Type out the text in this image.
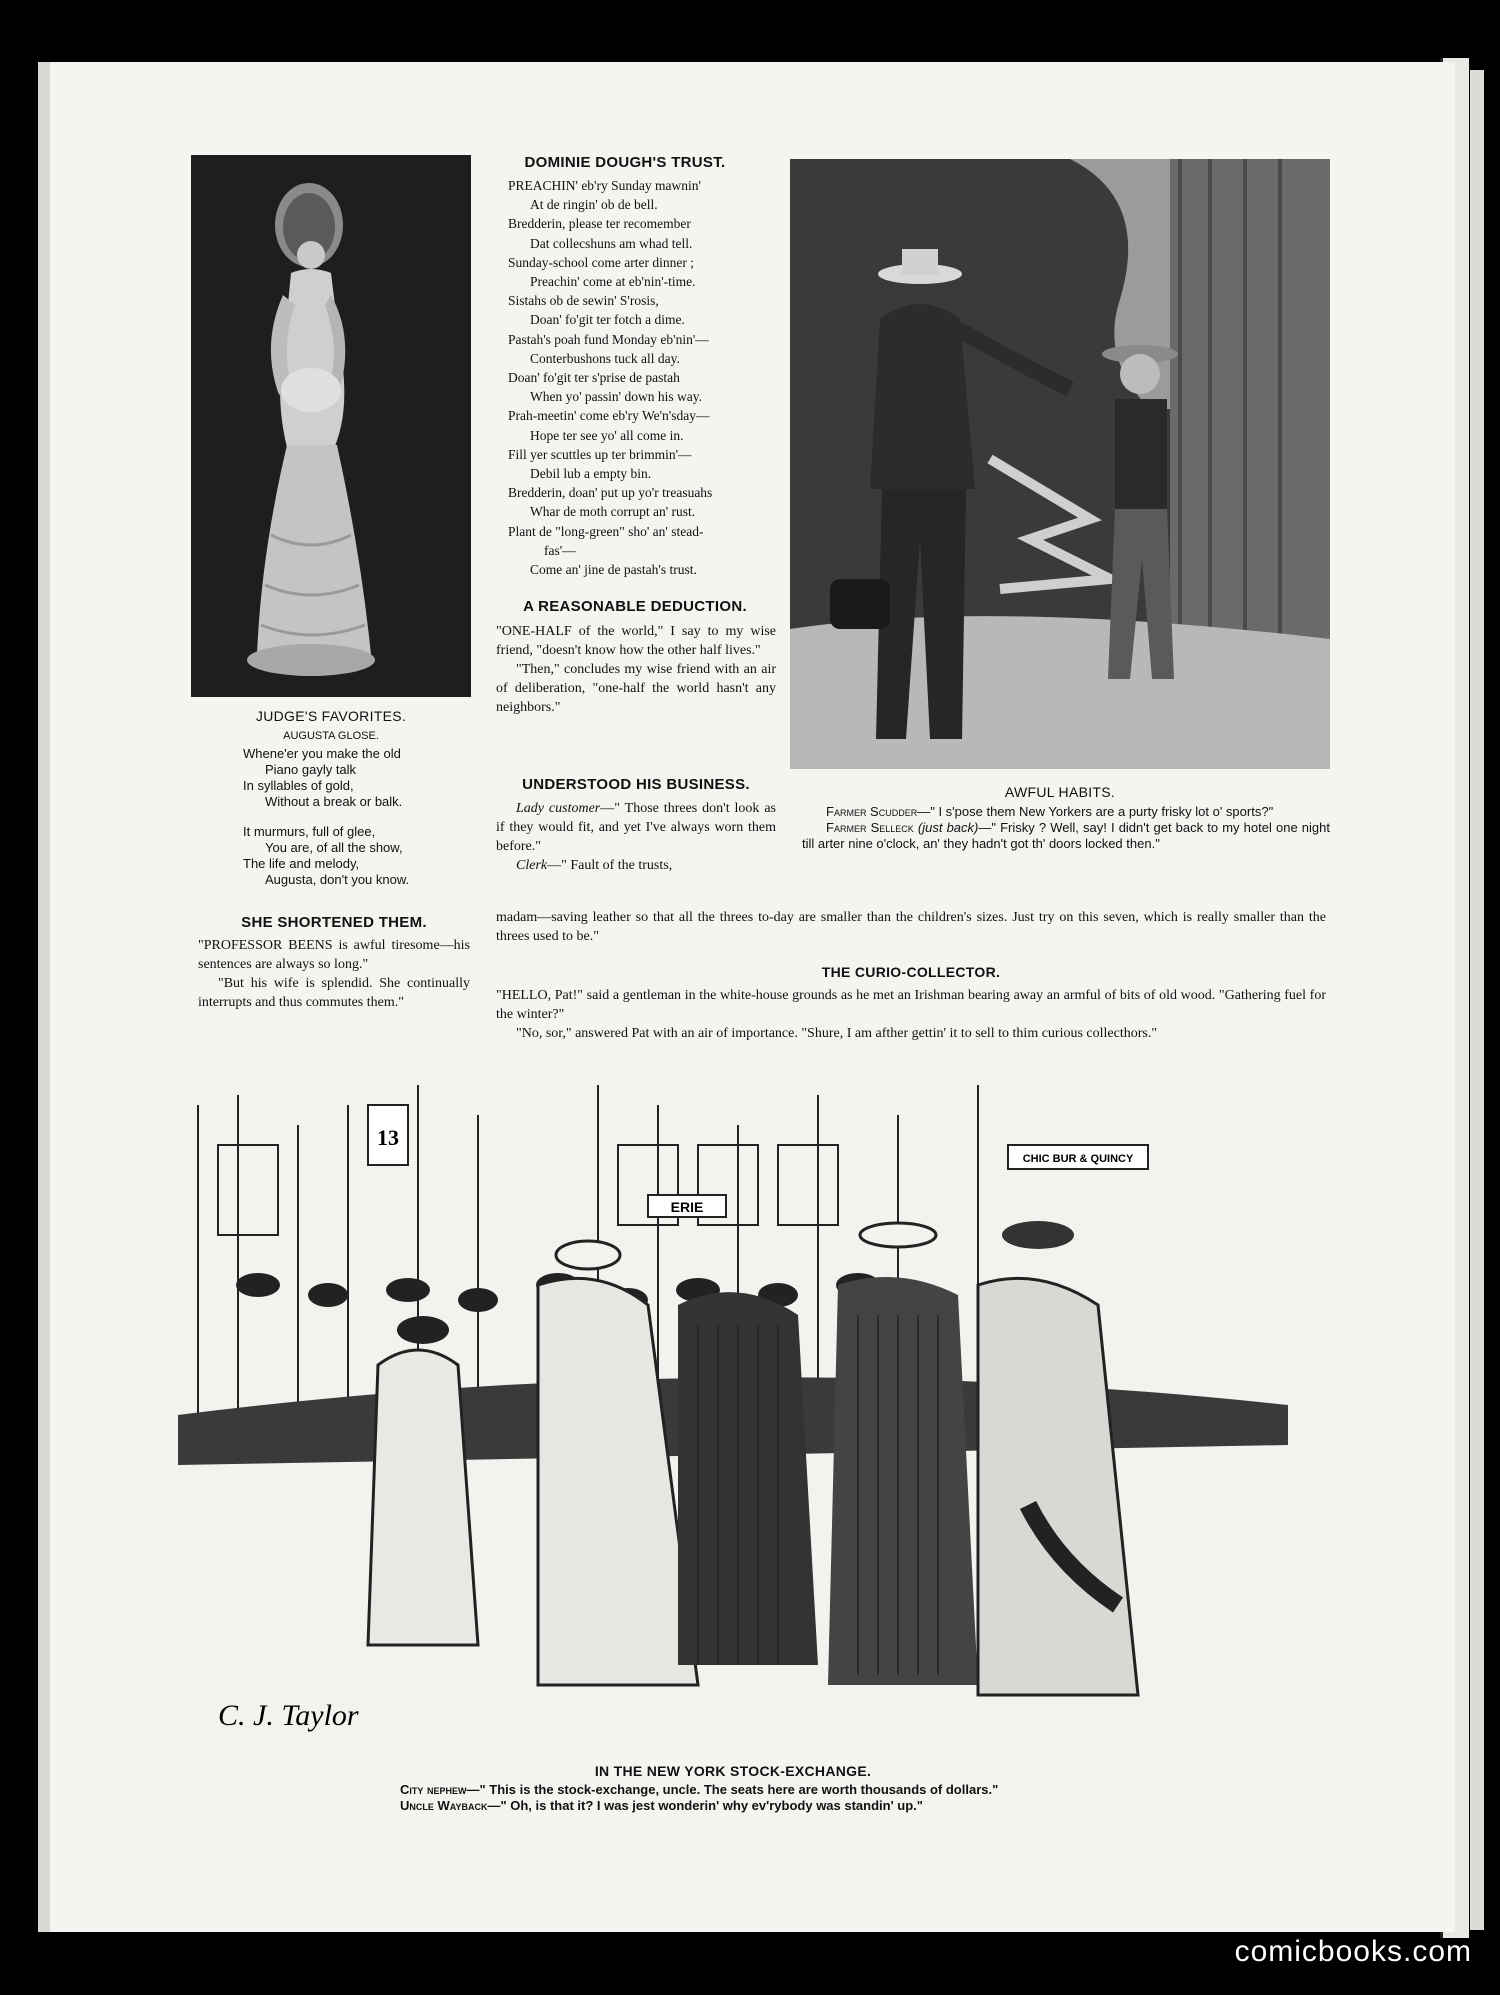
JUDGE'S FAVORITES.
AUGUSTA GLOSE.
Whene'er you make the old
Piano gayly talk
In syllables of gold,
Without a break or balk.
It murmurs, full of glee,
You are, of all the show,
The life and melody,
Augusta, don't you know.
SHE SHORTENED THEM.

"PROFESSOR BEENS is awful tiresome—his sentences are always so long."

"But his wife is splendid. She continually interrupts and thus commutes them."

DOMINIE DOUGH'S TRUST.
PREACHIN' eb'ry Sunday mawnin'
At de ringin' ob de bell.
Bredderin, please ter recomember
Dat collecshuns am whad tell.
Sunday-school come arter dinner ;
Preachin' come at eb'nin'-time.
Sistahs ob de sewin' S'rosis,
Doan' fo'git ter fotch a dime.
Pastah's poah fund Monday eb'nin'—
Conterbushons tuck all day.
Doan' fo'git ter s'prise de pastah
When yo' passin' down his way.
Prah-meetin' come eb'ry We'n'sday—
Hope ter see yo' all come in.
Fill yer scuttles up ter brimmin'—
Debil lub a empty bin.
Bredderin, doan' put up yo'r treasuahs
Whar de moth corrupt an' rust.
Plant de "long-green" sho' an' stead-
fas'—
Come an' jine de pastah's trust.
A REASONABLE DEDUCTION.

"ONE-HALF of the world," I say to my wise friend, "doesn't know how the other half lives."

"Then," concludes my wise friend with an air of deliberation, "one-half the world hasn't any neighbors."

UNDERSTOOD HIS BUSINESS.

Lady customer—" Those threes don't look as if they would fit, and yet I've always worn them before."

Clerk—" Fault of the trusts,

madam—saving leather so that all the threes to-day are smaller than the children's sizes. Just try on this seven, which is really smaller than the threes used to be."
AWFUL HABITS.
Farmer Scudder—" I s'pose them New Yorkers are a purty frisky lot o' sports?"
Farmer Selleck (just back)—" Frisky ? Well, say! I didn't get back to my hotel one night till arter nine o'clock, an' they hadn't got th' doors locked then."
THE CURIO-COLLECTOR.

"HELLO, Pat!" said a gentleman in the white-house grounds as he met an Irishman bearing away an armful of bits of old wood. "Gathering fuel for the winter?"

"No, sor," answered Pat with an air of importance. "Shure, I am afther gettin' it to sell to thim curious collecthors."

13
ERIE
CHIC BUR & QUINCY
C. J. Taylor
IN THE NEW YORK STOCK-EXCHANGE.
City nephew—" This is the stock-exchange, uncle. The seats here are worth thousands of dollars."
Uncle Wayback—" Oh, is that it? I was jest wonderin' why ev'rybody was standin' up."
comicbooks.com
